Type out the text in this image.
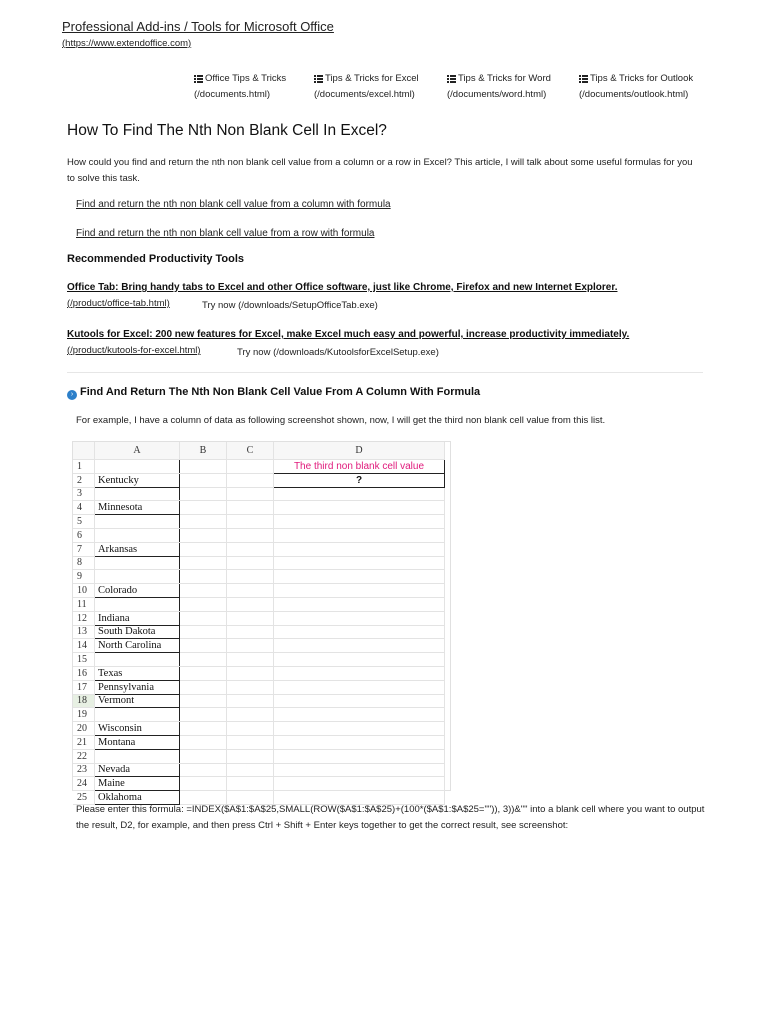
Professional Add-ins / Tools for Microsoft Office
(https://www.extendoffice.com)
Office Tips & Tricks
(/documents.html)
Tips & Tricks for Excel
(/documents/excel.html)
Tips & Tricks for Word
(/documents/word.html)
Tips & Tricks for Outlook
(/documents/outlook.html)
How To Find The Nth Non Blank Cell In Excel?
How could you find and return the nth non blank cell value from a column or a row in Excel? This article, I will talk about some useful formulas for you to solve this task.
Find and return the nth non blank cell value from a column with formula
Find and return the nth non blank cell value from a row with formula
Recommended Productivity Tools
Office Tab: Bring handy tabs to Excel and other Office software, just like Chrome, Firefox and new Internet Explorer.
(/product/office-tab.html)	Try now (/downloads/SetupOfficeTab.exe)
Kutools for Excel: 200 new features for Excel, make Excel much easy and powerful, increase productivity immediately.
(/product/kutools-for-excel.html)	Try now (/downloads/KutoolsforExcelSetup.exe)
› Find And Return The Nth Non Blank Cell Value From A Column With Formula
For example, I have a column of data as following screenshot shown, now, I will get the third non blank cell value from this list.
	A	B	C	D
1				The third non blank cell value
2	Kentucky			?
3				
4	Minnesota			
5				
6				
7	Arkansas			
8				
9				
10	Colorado			
11				
12	Indiana			
13	South Dakota			
14	North Carolina			
15				
16	Texas			
17	Pennsylvania			
18	Vermont			
19				
20	Wisconsin			
21	Montana			
22				
23	Nevada			
24	Maine			
25	Oklahoma			
Please enter this formula: =INDEX($A$1:$A$25,SMALL(ROW($A$1:$A$25)+(100*($A$1:$A$25="")), 3))&"" into a blank cell where you want to output the result, D2, for example, and then press Ctrl + Shift + Enter keys together to get the correct result, see screenshot:
